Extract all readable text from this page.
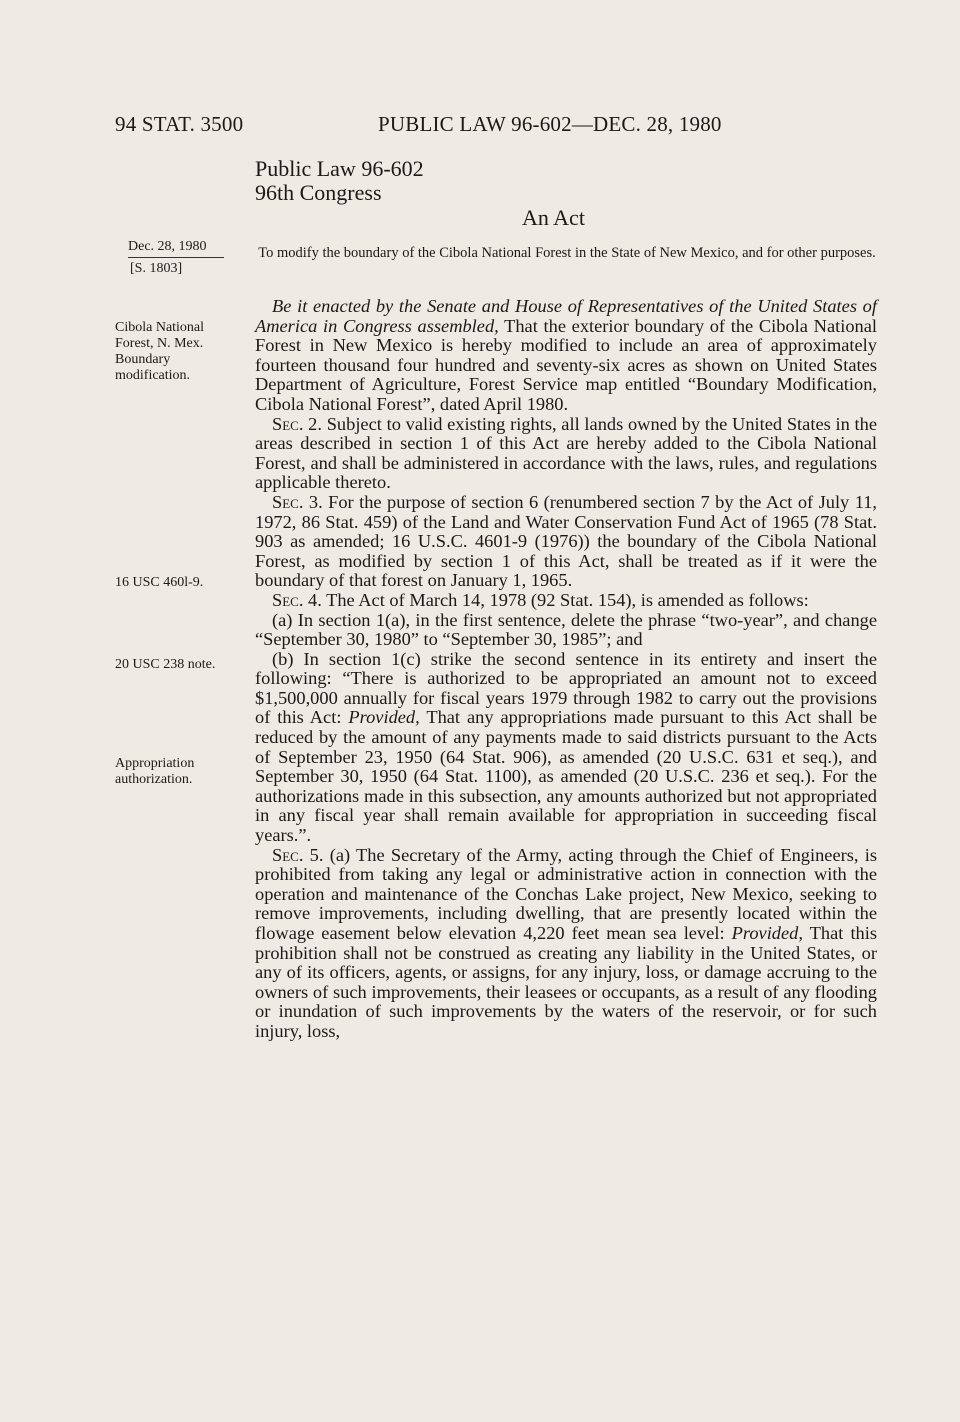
94 STAT. 3500	PUBLIC LAW 96-602—DEC. 28, 1980
Public Law 96-602
96th Congress
An Act
Dec. 28, 1980
[S. 1803]
Cibola National Forest, N. Mex. Boundary modification.
16 USC 460l-9.
20 USC 238 note.
Appropriation authorization.
To modify the boundary of the Cibola National Forest in the State of New Mexico, and for other purposes.

Be it enacted by the Senate and House of Representatives of the United States of America in Congress assembled, That the exterior boundary of the Cibola National Forest in New Mexico is hereby modified to include an area of approximately fourteen thousand four hundred and seventy-six acres as shown on United States Department of Agriculture, Forest Service map entitled “Boundary Modification, Cibola National Forest”, dated April 1980.

Sec. 2. Subject to valid existing rights, all lands owned by the United States in the areas described in section 1 of this Act are hereby added to the Cibola National Forest, and shall be administered in accordance with the laws, rules, and regulations applicable thereto.

Sec. 3. For the purpose of section 6 (renumbered section 7 by the Act of July 11, 1972, 86 Stat. 459) of the Land and Water Conservation Fund Act of 1965 (78 Stat. 903 as amended; 16 U.S.C. 4601-9 (1976)) the boundary of the Cibola National Forest, as modified by section 1 of this Act, shall be treated as if it were the boundary of that forest on January 1, 1965.

Sec. 4. The Act of March 14, 1978 (92 Stat. 154), is amended as follows:

(a) In section 1(a), in the first sentence, delete the phrase “two-year”, and change “September 30, 1980” to “September 30, 1985”; and

(b) In section 1(c) strike the second sentence in its entirety and insert the following: “There is authorized to be appropriated an amount not to exceed $1,500,000 annually for fiscal years 1979 through 1982 to carry out the provisions of this Act: Provided, That any appropriations made pursuant to this Act shall be reduced by the amount of any payments made to said districts pursuant to the Acts of September 23, 1950 (64 Stat. 906), as amended (20 U.S.C. 631 et seq.), and September 30, 1950 (64 Stat. 1100), as amended (20 U.S.C. 236 et seq.). For the authorizations made in this subsection, any amounts authorized but not appropriated in any fiscal year shall remain available for appropriation in succeeding fiscal years.”.

Sec. 5. (a) The Secretary of the Army, acting through the Chief of Engineers, is prohibited from taking any legal or administrative action in connection with the operation and maintenance of the Conchas Lake project, New Mexico, seeking to remove improvements, including dwelling, that are presently located within the flowage easement below elevation 4,220 feet mean sea level: Provided, That this prohibition shall not be construed as creating any liability in the United States, or any of its officers, agents, or assigns, for any injury, loss, or damage accruing to the owners of such improvements, their leasees or occupants, as a result of any flooding or inundation of such improvements by the waters of the reservoir, or for such injury, loss,
